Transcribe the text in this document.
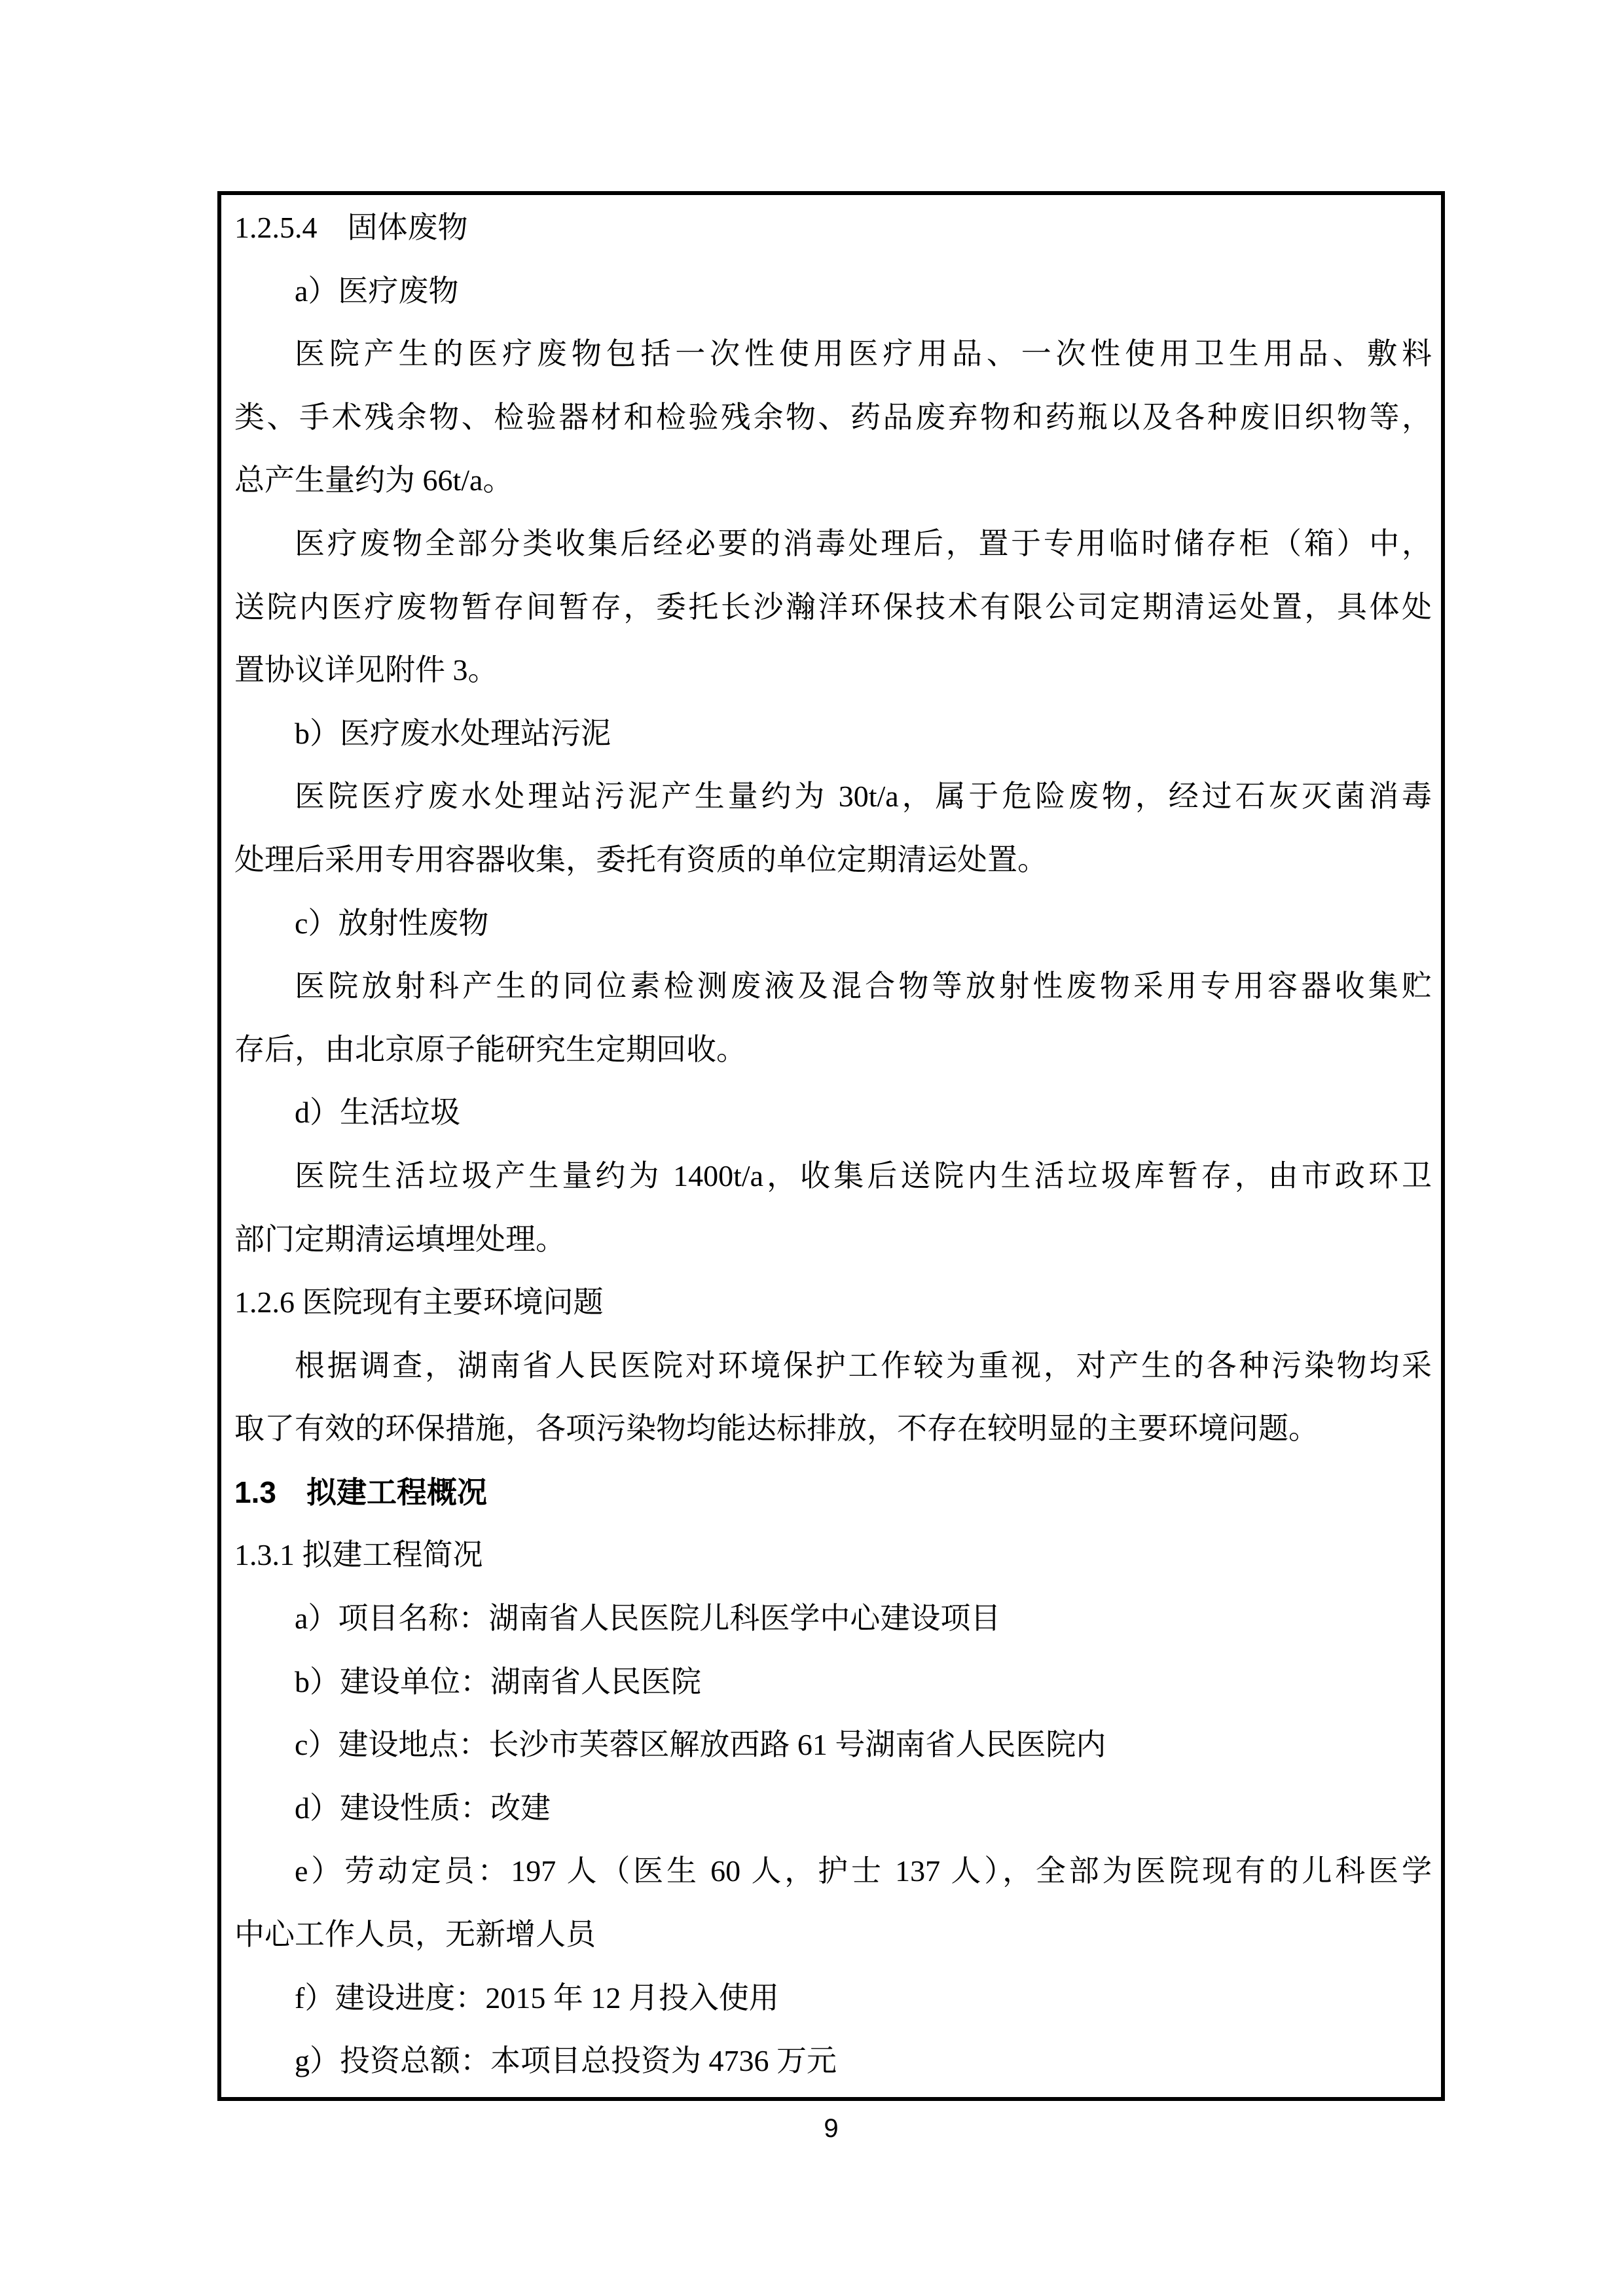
1.2.5.4　固体废物
a）医疗废物
医院产生的医疗废物包括一次性使用医疗用品、一次性使用卫生用品、敷料
类、手术残余物、检验器材和检验残余物、药品废弃物和药瓶以及各种废旧织物等，
总产生量约为 66t/a。
医疗废物全部分类收集后经必要的消毒处理后，置于专用临时储存柜（箱）中，
送院内医疗废物暂存间暂存，委托长沙瀚洋环保技术有限公司定期清运处置，具体处
置协议详见附件 3。
b）医疗废水处理站污泥
医院医疗废水处理站污泥产生量约为 30t/a，属于危险废物，经过石灰灭菌消毒
处理后采用专用容器收集，委托有资质的单位定期清运处置。
c）放射性废物
医院放射科产生的同位素检测废液及混合物等放射性废物采用专用容器收集贮
存后，由北京原子能研究生定期回收。
d）生活垃圾
医院生活垃圾产生量约为 1400t/a，收集后送院内生活垃圾库暂存，由市政环卫
部门定期清运填埋处理。
1.2.6 医院现有主要环境问题
根据调查，湖南省人民医院对环境保护工作较为重视，对产生的各种污染物均采
取了有效的环保措施，各项污染物均能达标排放，不存在较明显的主要环境问题。
1.3　拟建工程概况
1.3.1 拟建工程简况
a）项目名称：湖南省人民医院儿科医学中心建设项目
b）建设单位：湖南省人民医院
c）建设地点：长沙市芙蓉区解放西路 61 号湖南省人民医院内
d）建设性质：改建
e）劳动定员：197 人（医生 60 人，护士 137 人），全部为医院现有的儿科医学
中心工作人员，无新增人员
f）建设进度：2015 年 12 月投入使用
g）投资总额：本项目总投资为 4736 万元
9
